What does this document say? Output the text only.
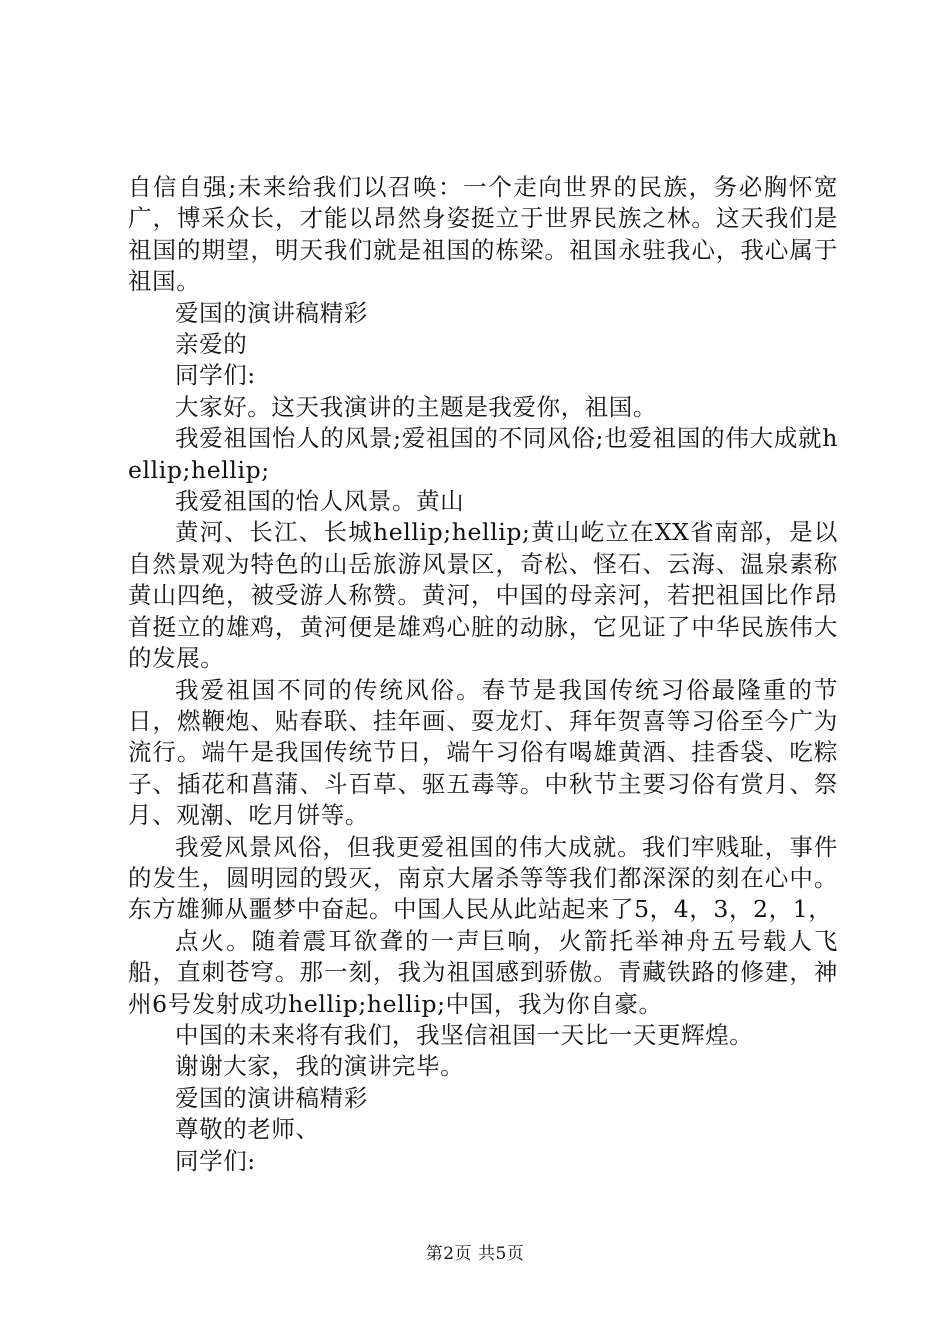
自信自强;未来给我们以召唤：一个走向世界的民族，务必胸怀宽广，博采众长，才能以昂然身姿挺立于世界民族之林。这天我们是祖国的期望，明天我们就是祖国的栋梁。祖国永驻我心，我心属于祖国。

爱国的演讲稿精彩

亲爱的

同学们:

大家好。这天我演讲的主题是我爱你，祖国。

我爱祖国怡人的风景;爱祖国的不同风俗;也爱祖国的伟大成就hellip;hellip;

我爱祖国的怡人风景。黄山

黄河、长江、长城hellip;hellip;黄山屹立在XX省南部，是以自然景观为特色的山岳旅游风景区，奇松、怪石、云海、温泉素称黄山四绝，被受游人称赞。黄河，中国的母亲河，若把祖国比作昂首挺立的雄鸡，黄河便是雄鸡心脏的动脉，它见证了中华民族伟大的发展。

我爱祖国不同的传统风俗。春节是我国传统习俗最隆重的节日，燃鞭炮、贴春联、挂年画、耍龙灯、拜年贺喜等习俗至今广为流行。端午是我国传统节日，端午习俗有喝雄黄酒、挂香袋、吃粽子、插花和菖蒲、斗百草、驱五毒等。中秋节主要习俗有赏月、祭月、观潮、吃月饼等。

我爱风景风俗，但我更爱祖国的伟大成就。我们牢贱耻，事件的发生，圆明园的毁灭，南京大屠杀等等我们都深深的刻在心中。东方雄狮从噩梦中奋起。中国人民从此站起来了5，4，3，2，1，

点火。随着震耳欲聋的一声巨响，火箭托举神舟五号载人飞船，直刺苍穹。那一刻，我为祖国感到骄傲。青藏铁路的修建，神州6号发射成功hellip;hellip;中国，我为你自豪。

中国的未来将有我们，我坚信祖国一天比一天更辉煌。

谢谢大家，我的演讲完毕。

爱国的演讲稿精彩

尊敬的老师、

同学们:

第2页 共5页
